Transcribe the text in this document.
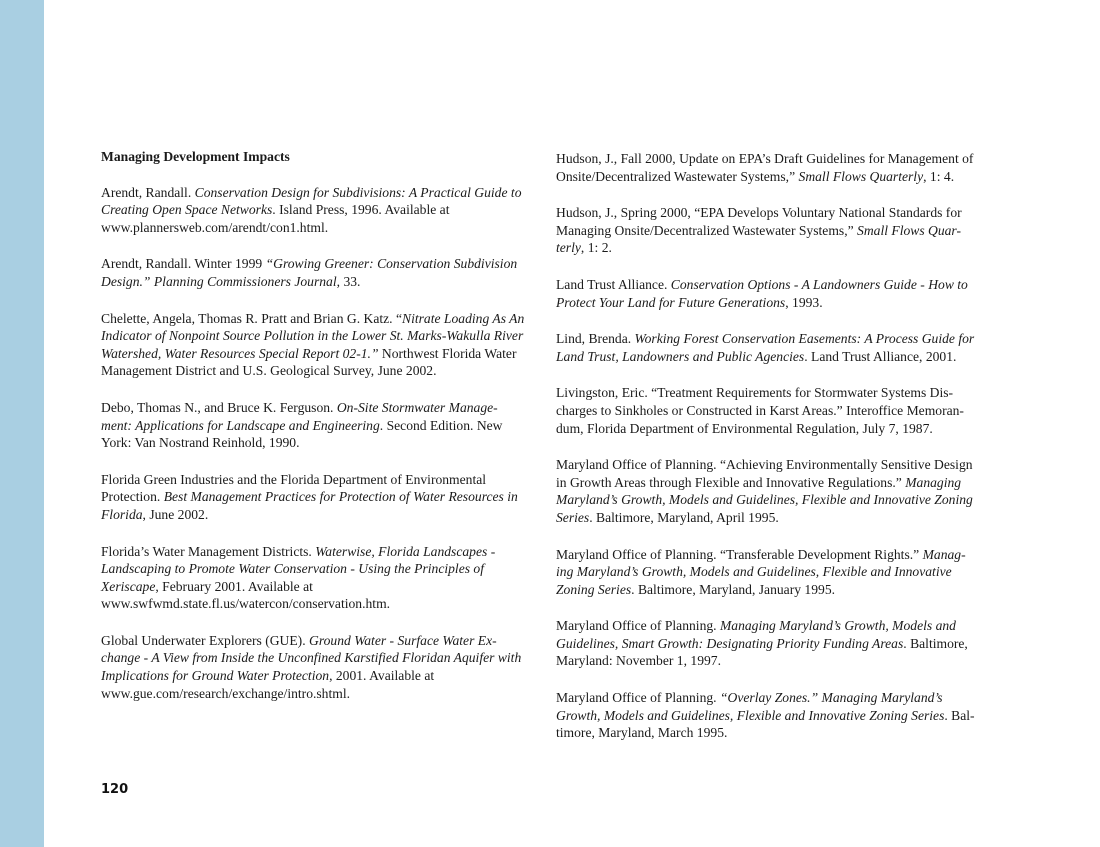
Managing Development Impacts

Arendt, Randall. Conservation Design for Subdivisions: A Practical Guide to Creating Open Space Networks. Island Press, 1996. Available at www.plannersweb.com/arendt/con1.html.

Arendt, Randall. Winter 1999 “Growing Greener: Conservation Subdivision Design.” Planning Commissioners Journal, 33.

Chelette, Angela, Thomas R. Pratt and Brian G. Katz. “Nitrate Loading As An Indicator of Nonpoint Source Pollution in the Lower St. Marks-Wakulla River Watershed, Water Resources Special Report 02-1.” Northwest Florida Water Management District and U.S. Geological Survey, June 2002.

Debo, Thomas N., and Bruce K. Ferguson. On-Site Stormwater Manage-ment: Applications for Landscape and Engineering. Second Edition. New York: Van Nostrand Reinhold, 1990.

Florida Green Industries and the Florida Department of Environmental Protection. Best Management Practices for Protection of Water Resources in Florida, June 2002.

Florida’s Water Management Districts. Waterwise, Florida Landscapes - Landscaping to Promote Water Conservation - Using the Principles of Xeriscape, February 2001. Available at www.swfwmd.state.fl.us/watercon/conservation.htm.

Global Underwater Explorers (GUE). Ground Water - Surface Water Ex-change - A View from Inside the Unconfined Karstified Floridan Aquifer with Implications for Ground Water Protection, 2001. Available at www.gue.com/research/exchange/intro.shtml.

Hudson, J., Fall 2000, Update on EPA’s Draft Guidelines for Management of Onsite/Decentralized Wastewater Systems,” Small Flows Quarterly, 1: 4.

Hudson, J., Spring 2000, “EPA Develops Voluntary National Standards for Managing Onsite/Decentralized Wastewater Systems,” Small Flows Quar-terly, 1: 2.

Land Trust Alliance. Conservation Options - A Landowners Guide - How to Protect Your Land for Future Generations, 1993.

Lind, Brenda. Working Forest Conservation Easements: A Process Guide for Land Trust, Landowners and Public Agencies. Land Trust Alliance, 2001.

Livingston, Eric. “Treatment Requirements for Stormwater Systems Dis-charges to Sinkholes or Constructed in Karst Areas.” Interoffice Memoran-dum, Florida Department of Environmental Regulation, July 7, 1987.

Maryland Office of Planning. “Achieving Environmentally Sensitive Design in Growth Areas through Flexible and Innovative Regulations.” Managing Maryland’s Growth, Models and Guidelines, Flexible and Innovative Zoning Series. Baltimore, Maryland, April 1995.

Maryland Office of Planning. “Transferable Development Rights.” Manag-ing Maryland’s Growth, Models and Guidelines, Flexible and Innovative Zoning Series. Baltimore, Maryland, January 1995.

Maryland Office of Planning. Managing Maryland’s Growth, Models and Guidelines, Smart Growth: Designating Priority Funding Areas. Baltimore, Maryland: November 1, 1997.

Maryland Office of Planning. “Overlay Zones.” Managing Maryland’s Growth, Models and Guidelines, Flexible and Innovative Zoning Series. Bal-timore, Maryland, March 1995.

120
